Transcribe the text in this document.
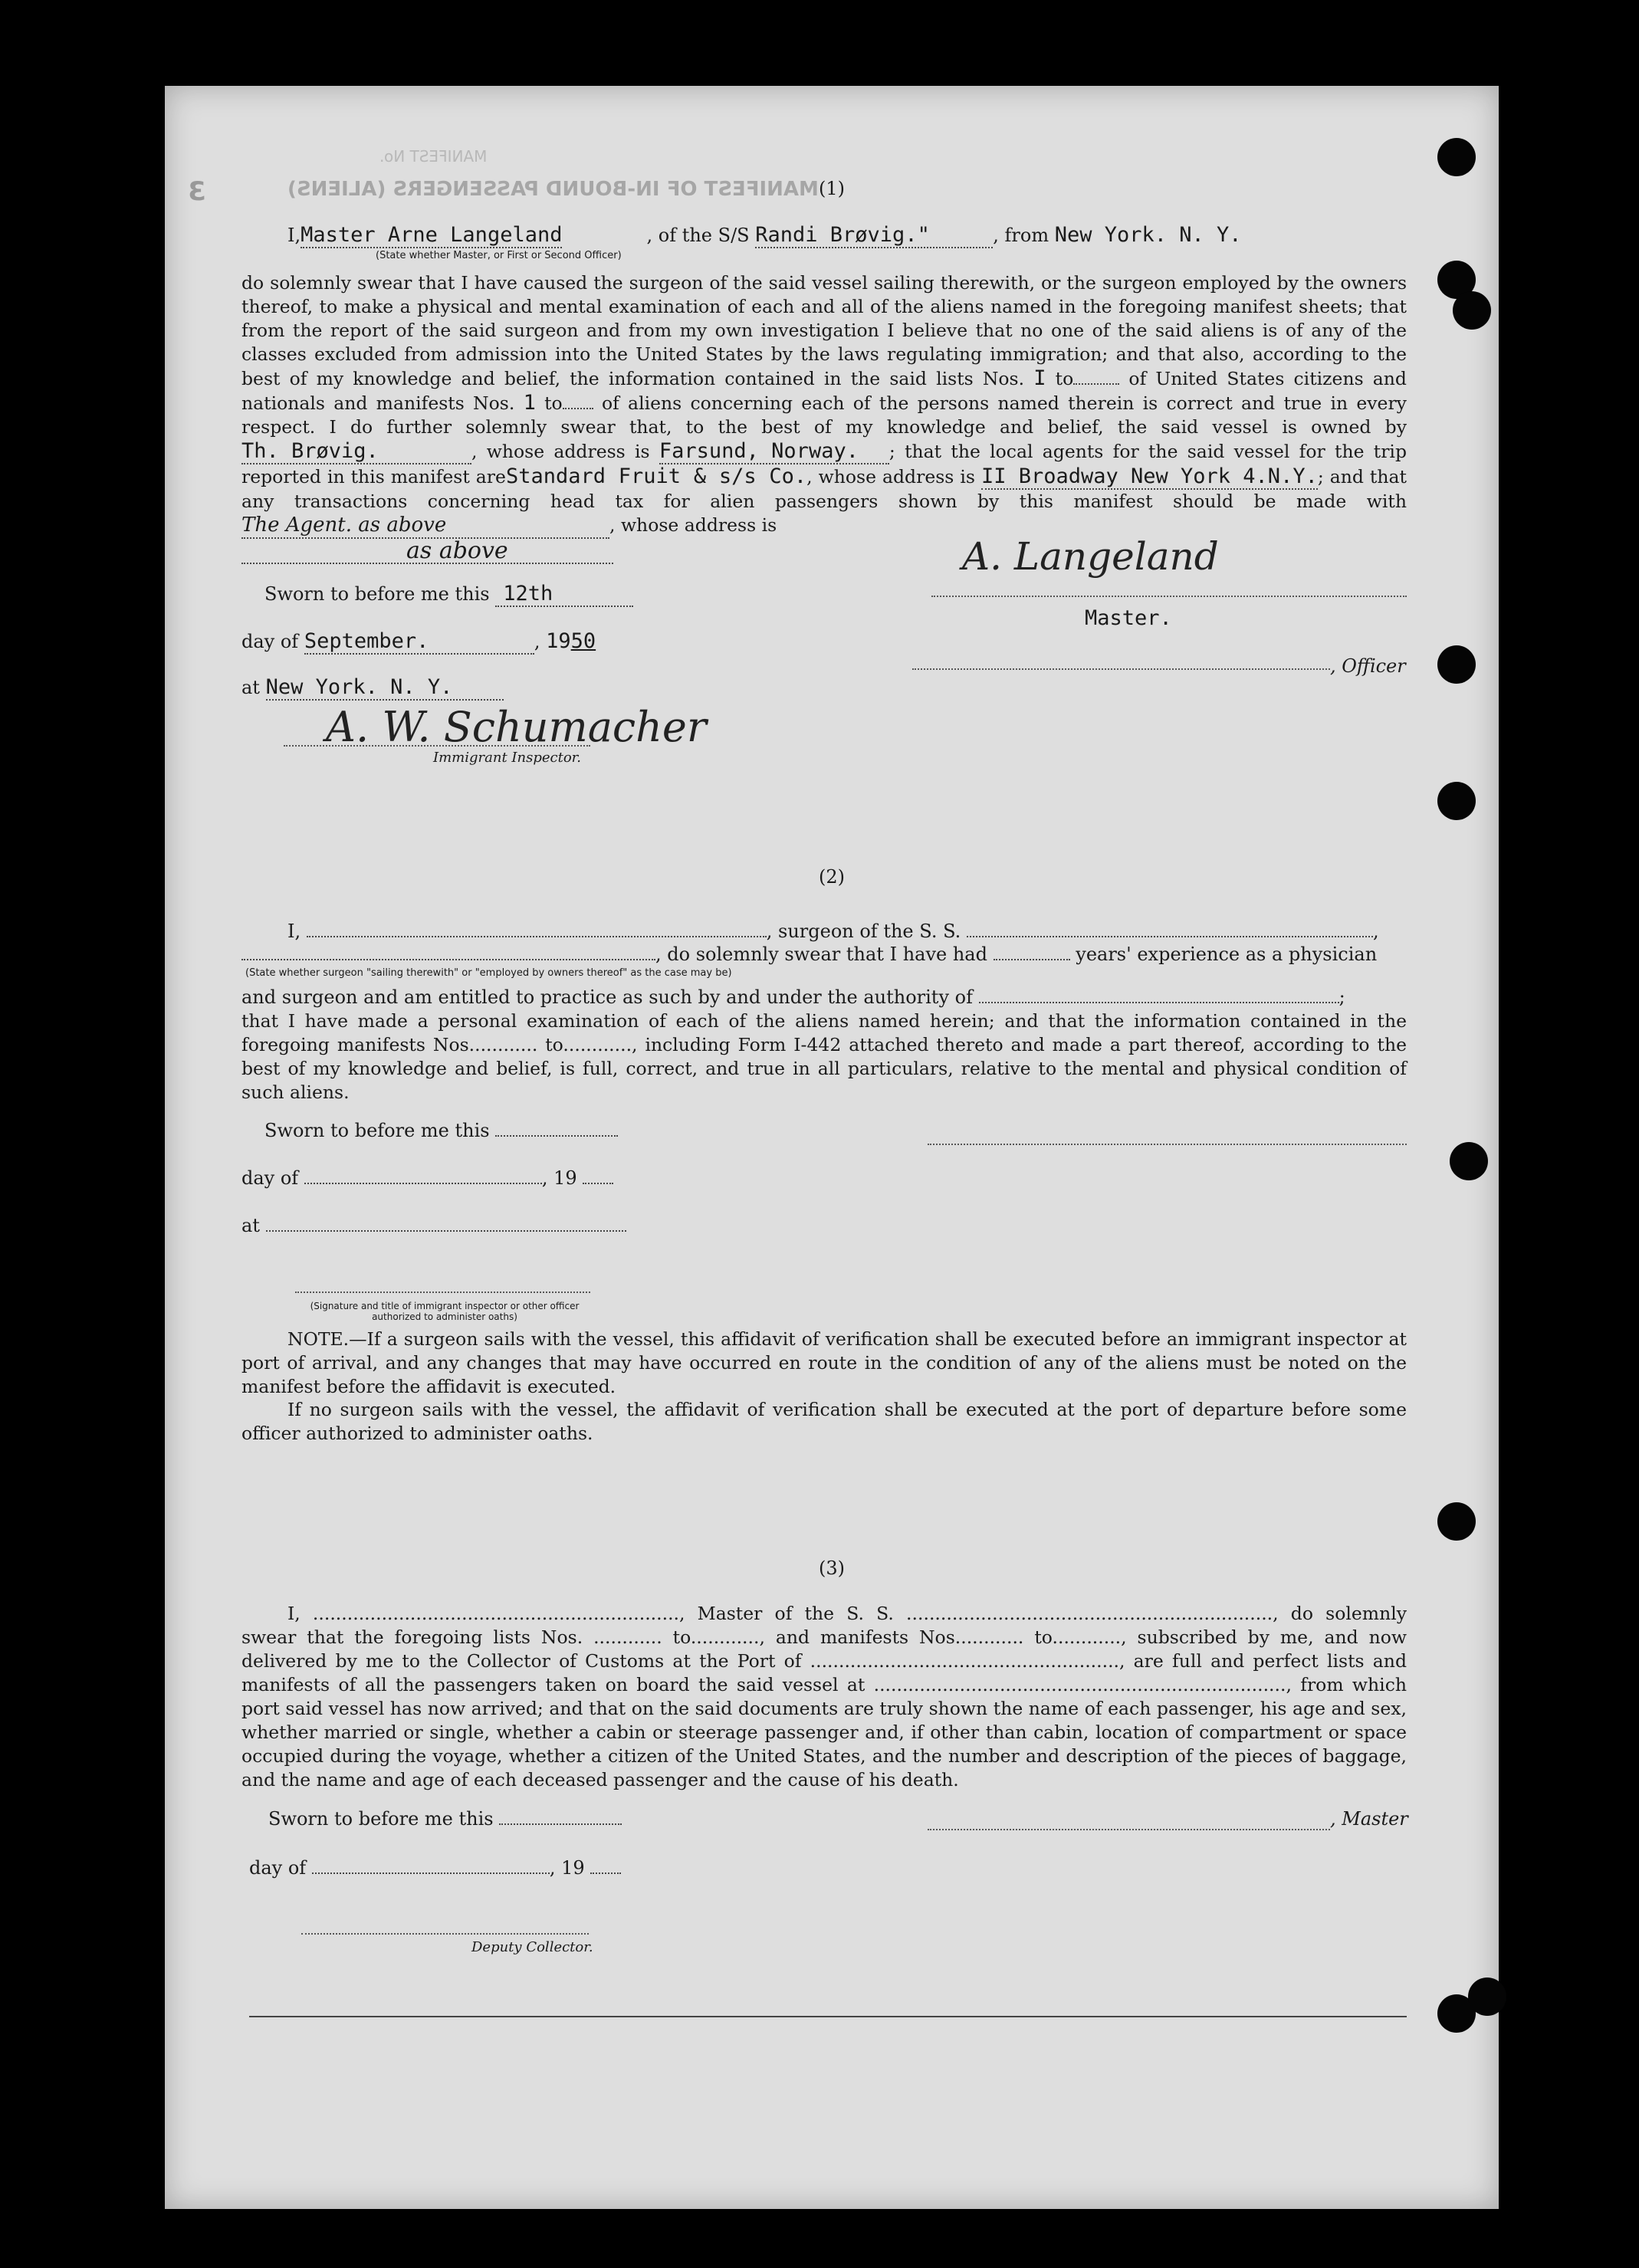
MANIFEST No.
MANIFEST OF IN-BOUND PASSENGERS (ALIENS)
3	(1)
I,Master Arne Langeland	, of the S/S Randi Brøvig."	, from New York. N. Y.
(State whether Master, or First or Second Officer)
do solemnly swear that I have caused the surgeon of the said vessel sailing therewith, or the surgeon employed by the owners thereof, to make a physical and mental examination of each and all of the aliens named in the foregoing manifest sheets; that from the report of the said surgeon and from my own investigation I believe that no one of the said aliens is of any of the classes excluded from admission into the United States by the laws regulating immigration; and that also, according to the best of my knowledge and belief, the information contained in the said lists Nos. I to	of United States citizens and nationals and manifests Nos. 1 to of aliens concerning each of the persons named therein is correct and true in every respect. I do further solemnly swear that, to the best of my knowledge and belief, the said vessel is owned by Th. Brøvig.	, whose address is Farsund, Norway. ; that the local agents for the said vessel for the trip reported in this manifest areStandard Fruit & s/s Co., whose address is II Broadway New York 4.N.Y.; and that any transactions concerning head tax for alien passengers shown by this manifest should be made with The Agent. as above	, whose address is
as above
Sworn to before me this 12th
day of September.	, 1950
at New York. N. Y.
A. W. Schumacher
Immigrant Inspector.
A. Langeland
Master.
, Officer
(2)
I,	, surgeon of the S. S.	,
, do solemnly swear that I have had	years' experience as a physician
(State whether surgeon "sailing therewith" or "employed by owners thereof" as the case may be)
and surgeon and am entitled to practice as such by and under the authority of	;
that I have made a personal examination of each of the aliens named herein; and that the information contained in the foregoing manifests Nos............ to............, including Form I-442 attached thereto and made a part thereof, according to the best of my knowledge and belief, is full, correct, and true in all particulars, relative to the mental and physical condition of such aliens.
Sworn to before me this
day of	, 19
at
(Signature and title of immigrant inspector or other officer authorized to administer oaths)
NOTE.—If a surgeon sails with the vessel, this affidavit of verification shall be executed before an immigrant inspector at port of arrival, and any changes that may have occurred en route in the condition of any of the aliens must be noted on the manifest before the affidavit is executed.
If no surgeon sails with the vessel, the affidavit of verification shall be executed at the port of departure before some officer authorized to administer oaths.
(3)
I, ................................................................, Master of the S. S. ................................................................, do solemnly swear that the foregoing lists Nos. ............ to............, and manifests Nos............ to............, subscribed by me, and now delivered by me to the Collector of Customs at the Port of ......................................................, are full and perfect lists and manifests of all the passengers taken on board the said vessel at ........................................................................, from which port said vessel has now arrived; and that on the said documents are truly shown the name of each passenger, his age and sex, whether married or single, whether a cabin or steerage passenger and, if other than cabin, location of compartment or space occupied during the voyage, whether a citizen of the United States, and the number and description of the pieces of baggage, and the name and age of each deceased passenger and the cause of his death.
Sworn to before me this	, Master
day of	, 19
Deputy Collector.
